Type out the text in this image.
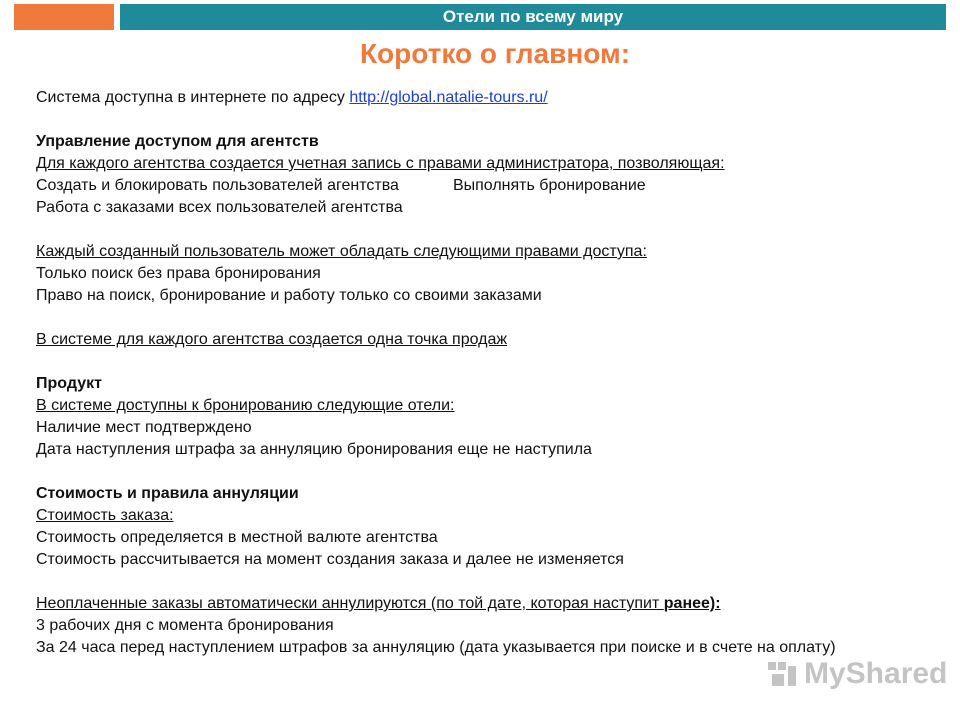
Отели по всему миру
Коротко о главном:
Система доступна в интернете по адресу http://global.natalie-tours.ru/
Управление доступом для агентств
Для каждого агентства создается учетная запись с правами администратора, позволяющая:
Создать и блокировать пользователей агентства	Выполнять бронирование
Работа с заказами всех пользователей агентства
Каждый созданный пользователь может обладать следующими правами доступа:
Только поиск без права бронирования
Право на поиск, бронирование и работу только со своими заказами
В системе для каждого агентства создается одна точка продаж
Продукт
В системе доступны к бронированию следующие отели:
Наличие мест подтверждено
Дата наступления штрафа за аннуляцию бронирования еще не наступила
Стоимость и правила аннуляции
Стоимость заказа:
Стоимость определяется в местной валюте агентства
Стоимость рассчитывается на момент создания заказа и далее не изменяется
Неоплаченные заказы автоматически аннулируются (по той дате, которая наступит ранее):
3 рабочих дня с момента бронирования
За 24 часа перед наступлением штрафов за аннуляцию (дата указывается при поиске и в счете на оплату)
MyShared
